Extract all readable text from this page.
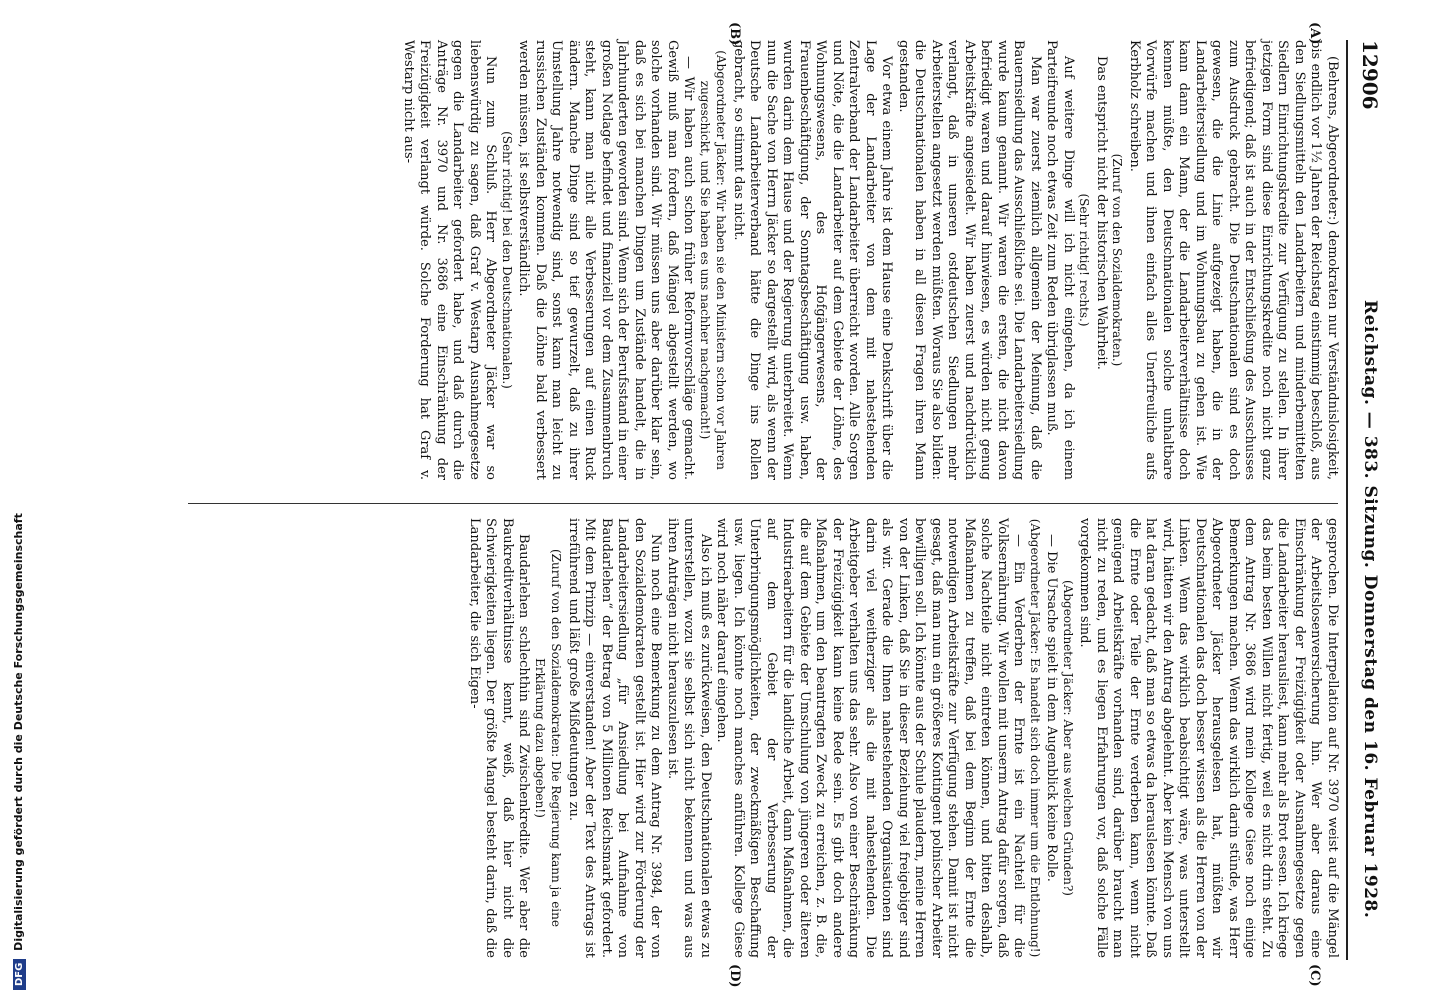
DFG Digitalisierung gefördert durch die Deutsche Forschungsgemeinschaft
12906
Reichstag. — 383. Sitzung. Donnerstag den 16. Februar 1928.
(A)
(B)
(C)
(D)

(Behrens, Abgeordneter:) demokraten nur Verständnislosigkeit, bis endlich vor 1½ Jahren der Reichstag einstimmig beschloß, aus den Siedlungsmitteln den Landarbeitern und minderbemittelten Siedlern Einrichtungskredite zur Verfügung zu stellen. In ihrer jetzigen Form sind diese Einrichtungskredite noch nicht ganz befriedigend; daß ist auch in der Entschließung des Ausschusses zum Ausdruck gebracht. Die Deutschnationalen sind es doch gewesen, die die Linie aufgezeigt haben, die in der Landarbeitersiedlung und im Wohnungsbau zu gehen ist. Wie kann dann ein Mann, der die Landarbeiterverhältnisse doch kennen müßte, den Deutschnationalen solche unhaltbare Vorwürfe machen und ihnen einfach alles Unerfreuliche aufs Kerbholz schreiben.

(Zuruf von den Sozialdemokraten.)

Das entspricht nicht der historischen Wahrheit.

(Sehr richtig! rechts.)

Auf weitere Dinge will ich nicht eingehen, da ich einem Parteifreunde noch etwas Zeit zum Reden übriglassen muß.

Man war zuerst ziemlich allgemein der Meinung, daß die Bauernsiedlung das Ausschließliche sei. Die Landarbeitersiedlung wurde kaum genannt. Wir waren die ersten, die nicht davon befriedigt waren und darauf hinwiesen, es würden nicht genug Arbeitskräfte angesiedelt. Wir haben zuerst und nachdrücklich verlangt, daß in unseren ostdeutschen Siedlungen mehr Arbeiterstellen angesetzt werden müßten. Woraus Sie also bilden: die Deutschnationalen haben in all diesen Fragen ihren Mann gestanden.

Vor etwa einem Jahre ist dem Hause eine Denkschrift über die Lage der Landarbeiter von dem mit nahestehenden Zentralverband der Landarbeiter überreicht worden. Alle Sorgen und Nöte, die die Landarbeiter auf dem Gebiete der Löhne, des Wohnungswesens, des Hofgängerwesens, der Frauenbeschäftigung, der Sonntagsbeschäftigung usw. haben, wurden darin dem Hause und der Regierung unterbreitet. Wenn nun die Sache von Herrn Jäcker so dargestellt wird, als wenn der Deutsche Landarbeiterverband hätte die Dinge ins Rollen gebracht, so stimmt das nicht.

(Abgeordneter Jäcker: Wir haben sie den Ministern schon vor Jahren zugeschickt, und Sie haben es uns nachher nachgemacht!)

— Wir haben auch schon früher Reformvorschläge gemacht. Gewiß muß man fordern, daß Mängel abgestellt werden, wo solche vorhanden sind. Wir müssen uns aber darüber klar sein, daß es sich bei manchen Dingen um Zustände handelt, die in Jahrhunderten geworden sind. Wenn sich der Berufsstand in einer großen Notlage befindet und finanziell vor dem Zusammenbruch steht, kann man nicht alle Verbesserungen auf einen Ruck ändern. Manche Dinge sind so tief gewurzelt, daß zu ihrer Umstellung Jahre notwendig sind, sonst kann man leicht zu russischen Zuständen kommen. Daß die Löhne bald verbessert werden müssen, ist selbstverständlich.

(Sehr richtig! bei den Deutschnationalen.)

Nun zum Schluß. Herr Abgeordneter Jäcker war so liebenswürdig zu sagen, daß Graf v. Westarp Ausnahmegesetze gegen die Landarbeiter gefordert habe, und daß durch die Anträge Nr. 3970 und Nr. 3686 eine Einschränkung der Freizügigkeit verlangt würde. Solche Forderung hat Graf v. Westarp nicht aus-

gesprochen. Die Interpellation auf Nr. 3970 weist auf die Mängel der Arbeitslosenversicherung hin. Wer aber daraus eine Einschränkung der Freizügigkeit oder Ausnahmegesetze gegen die Landarbeiter herausliest, kann mehr als Brot essen. Ich kriege das beim besten Willen nicht fertig, weil es nicht drin steht. Zu dem Antrag Nr. 3686 wird mein Kollege Giese noch einige Bemerkungen machen. Wenn das wirklich darin stünde, was Herr Abgeordneter Jäcker herausgelesen hat, müßten wir Deutschnationalen das doch besser wissen als die Herren von der Linken. Wenn das wirklich beabsichtigt wäre, was unterstellt wird, hätten wir den Antrag abgelehnt. Aber kein Mensch von uns hat daran gedacht, daß man so etwas da herauslesen könnte. Daß die Ernte oder Teile der Ernte verderben kann, wenn nicht genügend Arbeitskräfte vorhanden sind, darüber braucht man nicht zu reden, und es liegen Erfahrungen vor, daß solche Fälle vorgekommen sind.

(Abgeordneter Jäcker: Aber aus welchen Gründen?)

— Die Ursache spielt in dem Augenblick keine Rolle.

(Abgeordneter Jäcker: Es handelt sich doch immer um die Entlohnung!)

— Ein Verderben der Ernte ist ein Nachteil für die Volksernährung. Wir wollen mit unserm Antrag dafür sorgen, daß solche Nachteile nicht eintreten können, und bitten deshalb, Maßnahmen zu treffen, daß bei dem Beginn der Ernte die notwendigen Arbeitskräfte zur Verfügung stehen. Damit ist nicht gesagt, daß man nun ein größeres Kontingent polnischer Arbeiter bewilligen soll. Ich könnte aus der Schule plaudern, meine Herren von der Linken, daß Sie in dieser Beziehung viel freigebiger sind als wir. Gerade die Ihnen nahestehenden Organisationen sind darin viel weitherziger als die mit nahestehenden. Die Arbeitgeber verhalten uns das sehr. Also von einer Beschränkung der Freizügigkeit kann keine Rede sein. Es gibt doch andere Maßnahmen, um den beantragten Zweck zu erreichen, z. B. die, die auf dem Gebiete der Umschulung von jüngeren oder älteren Industriearbeitern für die landliche Arbeit, dann Maßnahmen, die auf dem Gebiet der Verbesserung der Unterbringungsmöglichkeiten, der zweckmäßigen Beschaffung usw. liegen. Ich könnte noch manches anführen. Kollege Giese wird noch näher darauf eingehen.

Also ich muß es zurückweisen, den Deutschnationalen etwas zu unterstellen, wozu sie selbst sich nicht bekennen und was aus ihren Anträgen nicht herauszulesen ist.

Nun noch eine Bemerkung zu dem Antrag Nr. 3984, der von den Sozialdemokraten gestellt ist. Hier wird zur Förderung der Landarbeitersiedlung „für Ansiedlung bei Aufnahme von Baudarlehen“ der Betrag von 5 Millionen Reichsmark gefordert. Mit dem Prinzip — einverstanden! Aber der Text des Antrags ist irreführend und läßt große Mißdeutungen zu.

(Zuruf von den Sozialdemokraten: Die Regierung kann ja eine Erklärung dazu abgeben!)

Baudarlehen schlechthin sind Zwischenkredite. Wer aber die Baukreditverhältnisse kennt, weiß, daß hier nicht die Schwierigkeiten liegen. Der größte Mangel besteht darin, daß die Landarbeiter, die sich Eigen-
